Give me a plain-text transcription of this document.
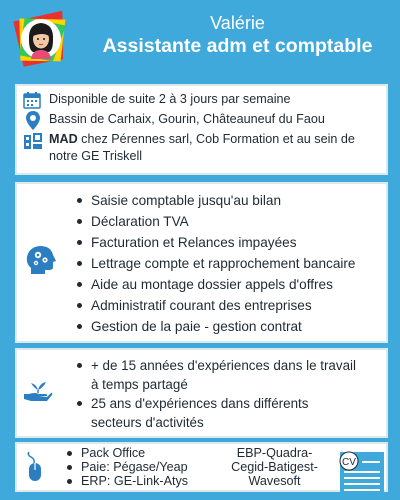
Valérie
Assistante adm et comptable
Disponible de suite 2 à 3 jours par semaine
Bassin de Carhaix, Gourin, Châteauneuf du Faou
MAD chez Pérennes sarl, Cob Formation et au sein de
notre GE Triskell
Saisie comptable jusqu'au bilan
Déclaration TVA
Facturation et Relances impayées
Lettrage compte et rapprochement bancaire
Aide au montage dossier appels d'offres
Administratif courant des entreprises
Gestion de la paie - gestion contrat
+ de 15 années d'expériences dans le travail
à temps partagé
25 ans d'expériences dans différents
secteurs d'activités
Pack Office
Paie: Pégase/Yeap
ERP: GE-Link-Atys
EBP-Quadra-
Cegid-Batigest-
Wavesoft
CV
